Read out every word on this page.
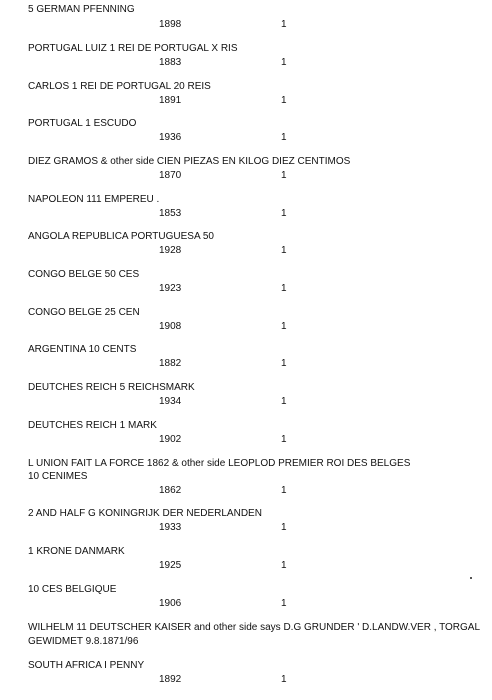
5 GERMAN PFENNING
1898	1
PORTUGAL LUIZ 1 REI DE PORTUGAL X RIS
1883	1
CARLOS 1 REI DE PORTUGAL 20 REIS
1891	1
PORTUGAL 1 ESCUDO
1936	1
DIEZ GRAMOS & other side CIEN PIEZAS EN KILOG DIEZ CENTIMOS
1870	1
NAPOLEON 111 EMPEREU .
1853	1
ANGOLA REPUBLICA PORTUGUESA 50
1928	1
CONGO BELGE 50 CES
1923	1
CONGO BELGE 25 CEN
1908	1
ARGENTINA 10 CENTS
1882	1
DEUTCHES REICH 5 REICHSMARK
1934	1
DEUTCHES REICH 1 MARK
1902	1
L UNION FAIT LA FORCE 1862 & other side LEOPLOD PREMIER ROI DES BELGES
10 CENIMES
1862	1
2 AND HALF G KONINGRIJK DER NEDERLANDEN
1933	1
1 KRONE DANMARK
1925	1
10 CES BELGIQUE
1906	1
WILHELM 11 DEUTSCHER KAISER and other side says D.G GRUNDER ' D.LANDW.VER , TORGAL
GEWIDMET 9.8.1871/96
SOUTH AFRICA I PENNY
1892	1
